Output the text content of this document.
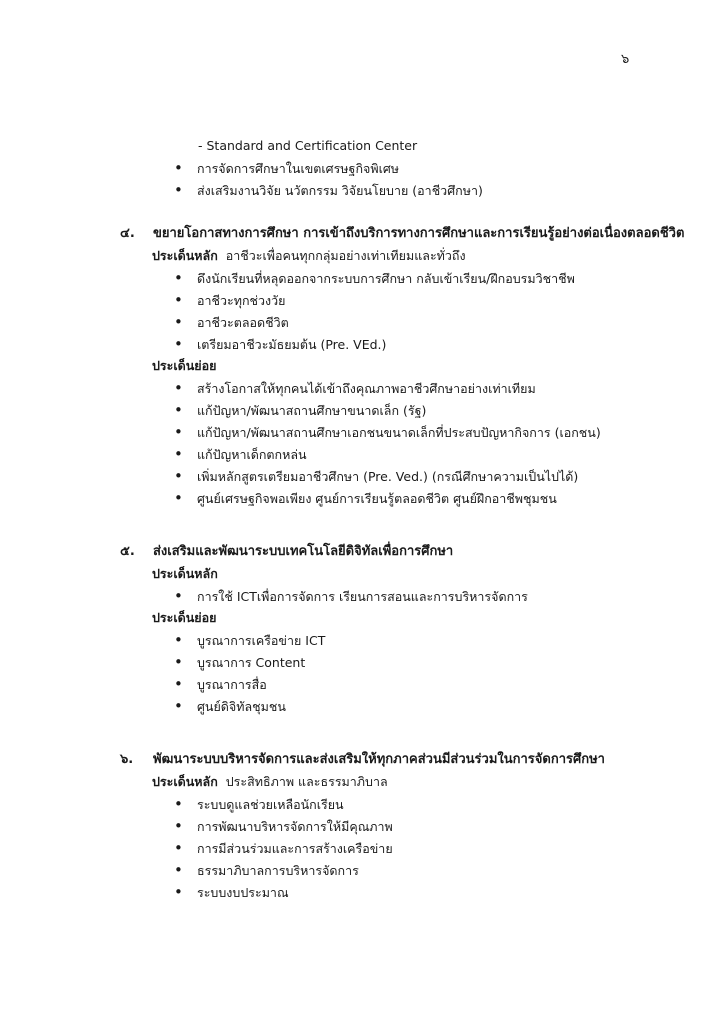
๖
- Standard and Certification Center
• การจัดการศึกษาในเขตเศรษฐกิจพิเศษ
• ส่งเสริมงานวิจัย นวัตกรรม วิจัยนโยบาย (อาชีวศึกษา)
๔. ขยายโอกาสทางการศึกษา การเข้าถึงบริการทางการศึกษาและการเรียนรู้อย่างต่อเนื่องตลอดชีวิต
ประเด็นหลัก อาชีวะเพื่อคนทุกกลุ่มอย่างเท่าเทียมและทั่วถึง
• ดึงนักเรียนที่หลุดออกจากระบบการศึกษา กลับเข้าเรียน/ฝึกอบรมวิชาชีพ
• อาชีวะทุกช่วงวัย
• อาชีวะตลอดชีวิต
• เตรียมอาชีวะมัธยมต้น (Pre. VEd.)
ประเด็นย่อย
• สร้างโอกาสให้ทุกคนได้เข้าถึงคุณภาพอาชีวศึกษาอย่างเท่าเทียม
• แก้ปัญหา/พัฒนาสถานศึกษาขนาดเล็ก (รัฐ)
• แก้ปัญหา/พัฒนาสถานศึกษาเอกชนขนาดเล็กที่ประสบปัญหากิจการ (เอกชน)
• แก้ปัญหาเด็กตกหล่น
• เพิ่มหลักสูตรเตรียมอาชีวศึกษา (Pre. Ved.) (กรณีศึกษาความเป็นไปได้)
• ศูนย์เศรษฐกิจพอเพียง ศูนย์การเรียนรู้ตลอดชีวิต ศูนย์ฝึกอาชีพชุมชน
๕. ส่งเสริมและพัฒนาระบบเทคโนโลยีดิจิทัลเพื่อการศึกษา
ประเด็นหลัก
• การใช้ ICTเพื่อการจัดการ เรียนการสอนและการบริหารจัดการ
ประเด็นย่อย
• บูรณาการเครือข่าย ICT
• บูรณาการ Content
• บูรณาการสื่อ
• ศูนย์ดิจิทัลชุมชน
๖. พัฒนาระบบบริหารจัดการและส่งเสริมให้ทุกภาคส่วนมีส่วนร่วมในการจัดการศึกษา
ประเด็นหลัก ประสิทธิภาพ และธรรมาภิบาล
• ระบบดูแลช่วยเหลือนักเรียน
• การพัฒนาบริหารจัดการให้มีคุณภาพ
• การมีส่วนร่วมและการสร้างเครือข่าย
• ธรรมาภิบาลการบริหารจัดการ
• ระบบงบประมาณ
